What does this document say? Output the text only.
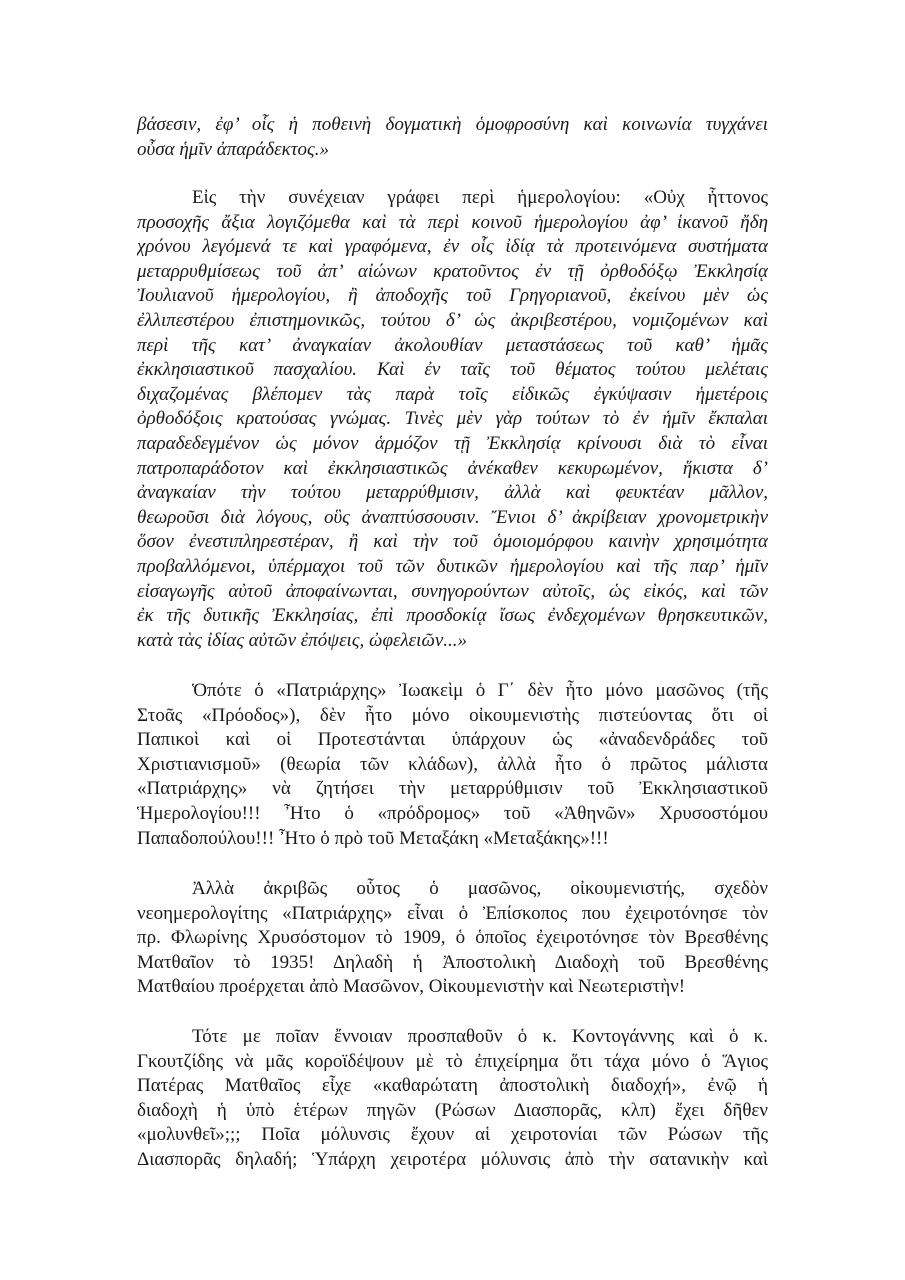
βάσεσιν, ἐφ’ οἷς ἡ ποθεινὴ δογματικὴ ὁμοφροσύνη καὶ κοινωνία τυγχάνει
οὖσα ἡμῖν ἀπαράδεκτος.»
Εἰς τὴν συνέχειαν γράφει περὶ ἡμερολογίου: «Οὐχ ἧττονος
προσοχῆς ἄξια λογιζόμεθα καὶ τὰ περὶ κοινοῦ ἡμερολογίου ἀφ’ ἱκανοῦ ἤδη
χρόνου λεγόμενά τε καὶ γραφόμενα, ἐν οἷς ἰδίᾳ τὰ προτεινόμενα συστήματα
μεταρρυθμίσεως τοῦ ἀπ’ αἰώνων κρατοῦντος ἐν τῇ ὀρθοδόξῳ Ἐκκλησίᾳ
Ἰουλιανοῦ ἡμερολογίου, ἢ ἀποδοχῆς τοῦ Γρηγοριανοῦ, ἐκείνου μὲν ὡς
ἐλλιπεστέρου ἐπιστημονικῶς, τούτου δ’ ὡς ἀκριβεστέρου, νομιζομένων καὶ
περὶ τῆς κατ’ ἀναγκαίαν ἀκολουθίαν μεταστάσεως τοῦ καθ’ ἡμᾶς
ἐκκλησιαστικοῦ πασχαλίου. Καὶ ἐν ταῖς τοῦ θέματος τούτου μελέταις
διχαζομένας βλέπομεν τὰς παρὰ τοῖς εἰδικῶς ἐγκύψασιν ἡμετέροις
ὀρθοδόξοις κρατούσας γνώμας. Τινὲς μὲν γὰρ τούτων τὸ ἐν ἡμῖν ἔκπαλαι
παραδεδεγμένον ὡς μόνον ἁρμόζον τῇ Ἐκκλησίᾳ κρίνουσι διὰ τὸ εἶναι
πατροπαράδοτον καὶ ἐκκλησιαστικῶς ἀνέκαθεν κεκυρωμένον, ἥκιστα δ’
ἀναγκαίαν τὴν τούτου μεταρρύθμισιν, ἀλλὰ καὶ φευκτέαν μᾶλλον,
θεωροῦσι διὰ λόγους, οὓς ἀναπτύσσουσιν. Ἔνιοι δ’ ἀκρίβειαν χρονομετρικὴν
ὅσον ἐνεστιπληρεστέραν, ἢ καὶ τὴν τοῦ ὁμοιομόρφου καινὴν χρησιμότητα
προβαλλόμενοι, ὑπέρμαχοι τοῦ τῶν δυτικῶν ἡμερολογίου καὶ τῆς παρ’ ἡμῖν
εἰσαγωγῆς αὐτοῦ ἀποφαίνωνται, συνηγορούντων αὐτοῖς, ὡς εἰκός, καὶ τῶν
ἐκ τῆς δυτικῆς Ἐκκλησίας, ἐπὶ προσδοκίᾳ ἴσως ἐνδεχομένων θρησκευτικῶν,
κατὰ τὰς ἰδίας αὐτῶν ἐπόψεις, ὠφελειῶν...»
Ὁπότε ὁ «Πατριάρχης» Ἰωακεὶμ ὁ Γ΄ δὲν ἦτο μόνο μασῶνος (τῆς
Στοᾶς «Πρόοδος»), δὲν ἦτο μόνο οἰκουμενιστὴς πιστεύοντας ὅτι οἱ
Παπικοὶ καὶ οἱ Προτεστάνται ὑπάρχουν ὡς «ἀναδενδράδες τοῦ
Χριστιανισμοῦ» (θεωρία τῶν κλάδων), ἀλλὰ ἦτο ὁ πρῶτος μάλιστα
«Πατριάρχης» νὰ ζητήσει τὴν μεταρρύθμισιν τοῦ Ἐκκλησιαστικοῦ
Ἡμερολογίου!!! Ἦτο ὁ «πρόδρομος» τοῦ «Ἀθηνῶν» Χρυσοστόμου
Παπαδοπούλου!!! Ἦτο ὁ πρὸ τοῦ Μεταξάκη «Μεταξάκης»!!!
Ἀλλὰ ἀκριβῶς οὗτος ὁ μασῶνος, οἰκουμενιστής, σχεδὸν
νεοημερολογίτης «Πατριάρχης» εἶναι ὁ Ἐπίσκοπος που ἐχειροτόνησε τὸν
πρ. Φλωρίνης Χρυσόστομον τὸ 1909, ὁ ὁποῖος ἐχειροτόνησε τὸν Βρεσθένης
Ματθαῖον τὸ 1935! Δηλαδὴ ἡ Ἀποστολικὴ Διαδοχὴ τοῦ Βρεσθένης
Ματθαίου προέρχεται ἀπὸ Μασῶνον, Οἰκουμενιστὴν καὶ Νεωτεριστὴν!
Τότε με ποῖαν ἔννοιαν προσπαθοῦν ὁ κ. Κοντογάννης καὶ ὁ κ.
Γκουτζίδης νὰ μᾶς κοροϊδέψουν μὲ τὸ ἐπιχείρημα ὅτι τάχα μόνο ὁ Ἅγιος
Πατέρας Ματθαῖος εἶχε «καθαρώτατη ἀποστολικὴ διαδοχή», ἐνῷ ἡ
διαδοχὴ ἡ ὑπὸ ἑτέρων πηγῶν (Ρώσων Διασπορᾶς, κλπ) ἔχει δῆθεν
«μολυνθεῖ»;;; Ποῖα μόλυνσις ἔχουν αἱ χειροτονίαι τῶν Ρώσων τῆς
Διασπορᾶς δηλαδή; Ὑπάρχη χειροτέρα μόλυνσις ἀπὸ τὴν σατανικὴν καὶ
